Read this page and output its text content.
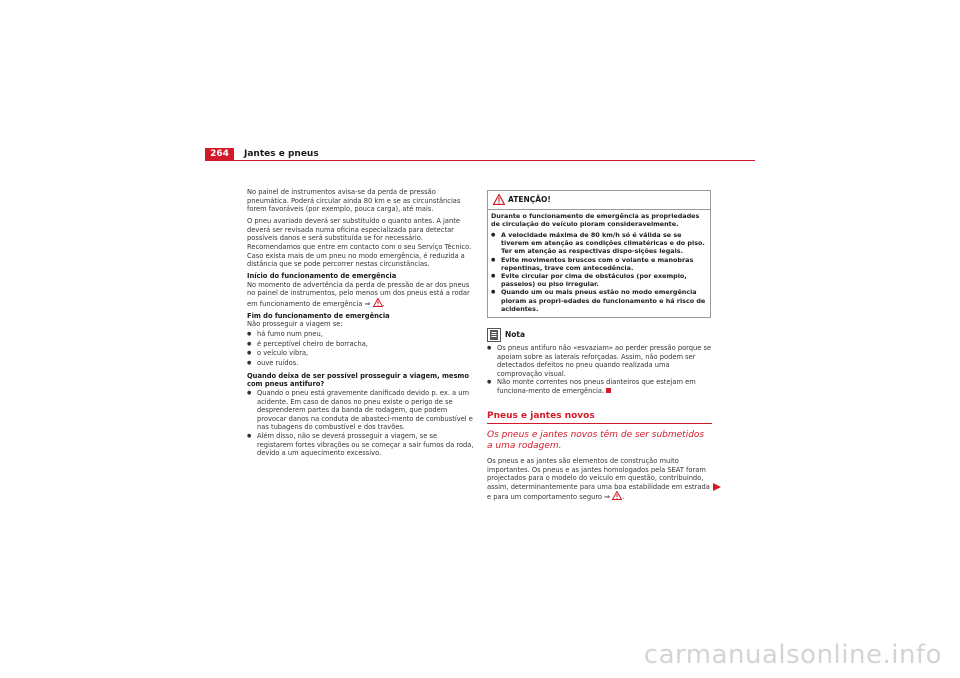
264	Jantes e pneus

No painel de instrumentos avisa-se da perda de pressão pneumática. Poderá circular ainda 80 km e se as circunstâncias forem favoráveis (por exemplo, pouca carga), até mais.

O pneu avariado deverá ser substituído o quanto antes. A jante deverá ser revisada numa oficina especializada para detectar possíveis danos e será substituída se for necessário. Recomendamos que entre em contacto com o seu Serviço Técnico. Caso exista mais de um pneu no modo emergência, é reduzida a distância que se pode percorrer nestas circunstâncias.

Início do funcionamento de emergência

No momento de advertência da perda de pressão de ar dos pneus no painel de instrumentos, pelo menos um dos pneus está a rodar em funcionamento de emergência ⇒ .

Fim do funcionamento de emergência

Não prosseguir a viagem se:

●
há fumo num pneu,
●
é perceptível cheiro de borracha,
●
o veículo vibra,
●
ouve ruídos.

Quando deixa de ser possível prosseguir a viagem, mesmo com pneus antifuro?

●
Quando o pneu está gravemente danificado devido p. ex. a um acidente. Em caso de danos no pneu existe o perigo de se desprenderem partes da banda de rodagem, que podem provocar danos na conduta de abasteci-mento de combustível e nas tubagens do combustível e dos travões.
●
Além disso, não se deverá prosseguir a viagem, se se registarem fortes vibrações ou se começar a sair fumos da roda, devido a um aquecimento excessivo.
ATENÇÃO!

Durante o funcionamento de emergência as propriedades de circulação do veículo pioram consideravelmente.

●
A velocidade máxima de 80 km/h só é válida se se tiverem em atenção as condições climatéricas e do piso. Ter em atenção as respectivas dispo-sições legais.
●
Evite movimentos bruscos com o volante e manobras repentinas, trave com antecedência.
●
Evite circular por cima de obstáculos (por exemplo, passeios) ou piso irregular.
●
Quando um ou mais pneus estão no modo emergência pioram as propri-edades de funcionamento e há risco de acidentes.
Nota
●
Os pneus antifuro não «esvaziam» ao perder pressão porque se apoiam sobre as laterais reforçadas. Assim, não podem ser detectados defeitos no pneu quando realizada uma comprovação visual.
●
Não monte correntes nos pneus dianteiros que estejam em funciona-mento de emergência.
Pneus e jantes novos
Os pneus e jantes novos têm de ser submetidos a uma rodagem.
Os pneus e as jantes são elementos de construção muito importantes. Os pneus e as jantes homologados pela SEAT foram projectados para o modelo do veículo em questão, contribuindo, assim, determinantemente para uma boa estabilidade em estrada e para um comportamento seguro ⇒ .
carmanualsonline.info
